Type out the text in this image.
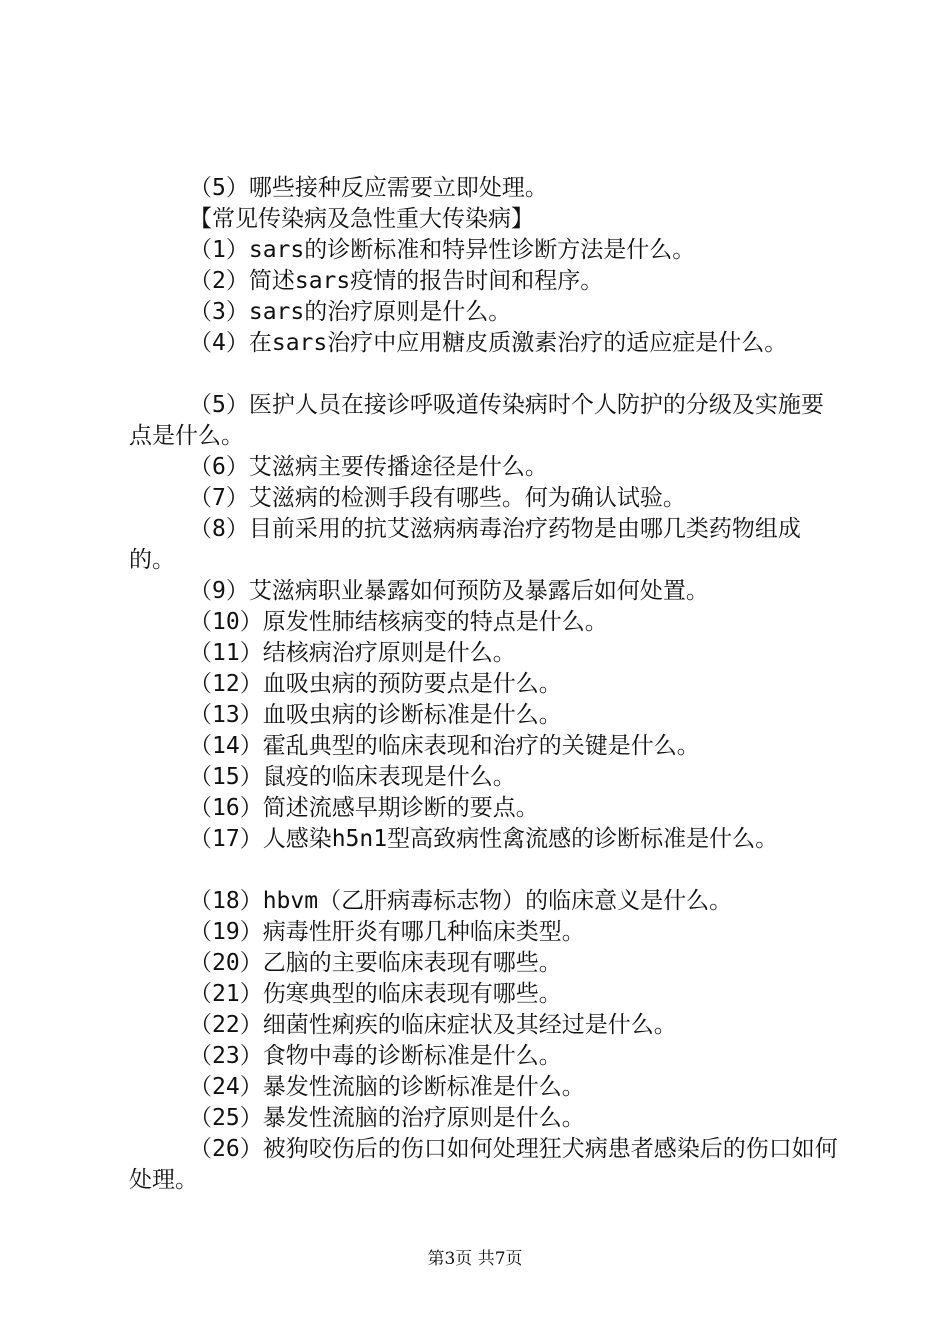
（5）哪些接种反应需要立即处理。
【常见传染病及急性重大传染病】
（1）sars的诊断标准和特异性诊断方法是什么。
（2）简述sars疫情的报告时间和程序。
（3）sars的治疗原则是什么。
（4）在sars治疗中应用糖皮质激素治疗的适应症是什么。
（5）医护人员在接诊呼吸道传染病时个人防护的分级及实施要点是什么。
（6）艾滋病主要传播途径是什么。
（7）艾滋病的检测手段有哪些。何为确认试验。
（8）目前采用的抗艾滋病病毒治疗药物是由哪几类药物组成的。
（9）艾滋病职业暴露如何预防及暴露后如何处置。
（10）原发性肺结核病变的特点是什么。
（11）结核病治疗原则是什么。
（12）血吸虫病的预防要点是什么。
（13）血吸虫病的诊断标准是什么。
（14）霍乱典型的临床表现和治疗的关键是什么。
（15）鼠疫的临床表现是什么。
（16）简述流感早期诊断的要点。
（17）人感染h5n1型高致病性禽流感的诊断标准是什么。
（18）hbvm（乙肝病毒标志物）的临床意义是什么。
（19）病毒性肝炎有哪几种临床类型。
（20）乙脑的主要临床表现有哪些。
（21）伤寒典型的临床表现有哪些。
（22）细菌性痢疾的临床症状及其经过是什么。
（23）食物中毒的诊断标准是什么。
（24）暴发性流脑的诊断标准是什么。
（25）暴发性流脑的治疗原则是什么。
（26）被狗咬伤后的伤口如何处理狂犬病患者感染后的伤口如何处理。
第3页 共7页
